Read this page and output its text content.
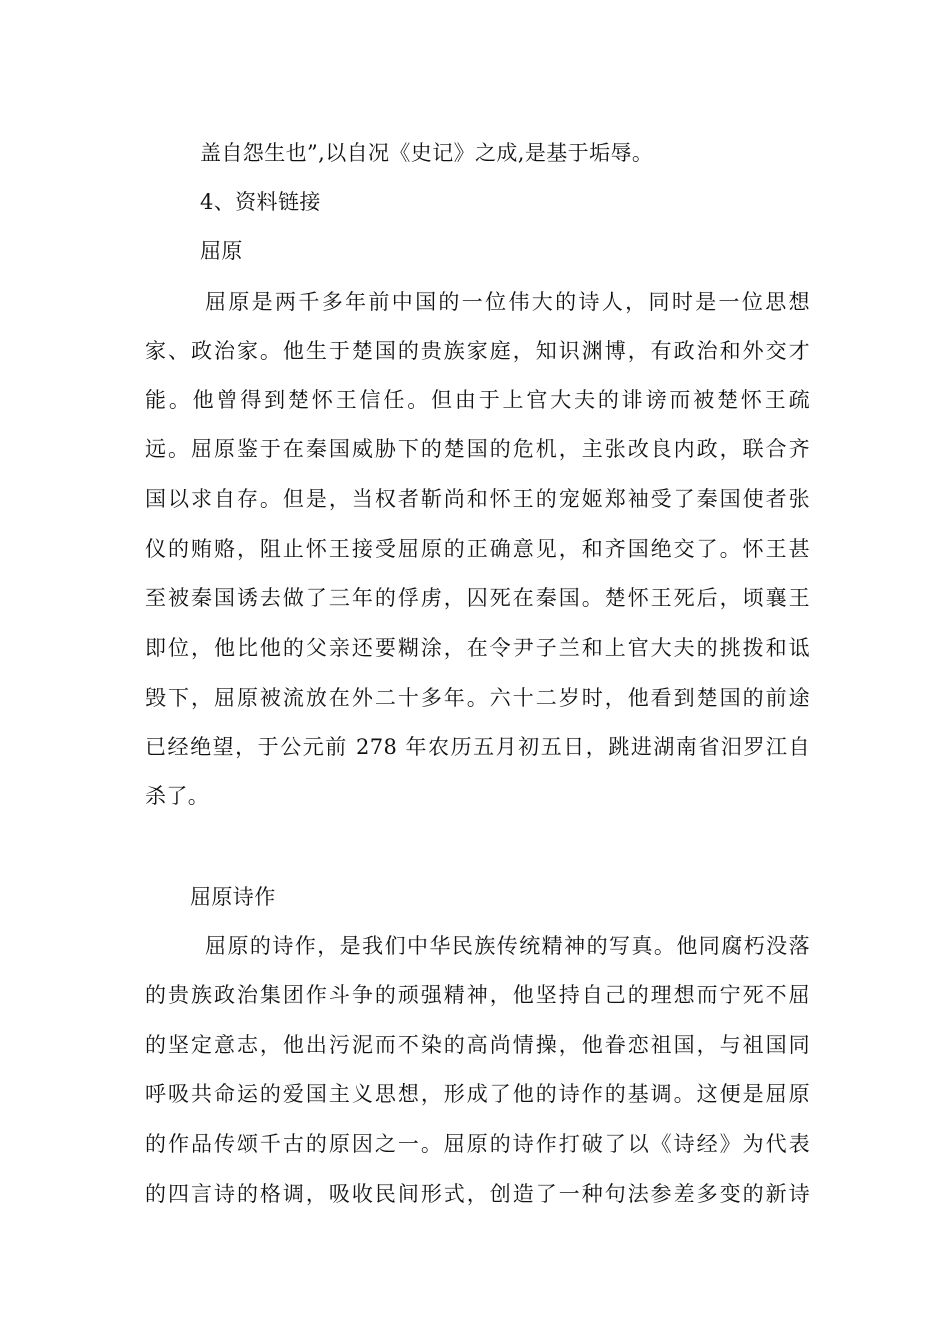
盖自怨生也”,以自况《史记》之成,是基于垢辱。
4、资料链接
屈原
屈原是两千多年前中国的一位伟大的诗人，同时是一位思想
家、政治家。他生于楚国的贵族家庭，知识渊博，有政治和外交才
能。他曾得到楚怀王信任。但由于上官大夫的诽谤而被楚怀王疏
远。屈原鉴于在秦国威胁下的楚国的危机，主张改良内政，联合齐
国以求自存。但是，当权者靳尚和怀王的宠姬郑袖受了秦国使者张
仪的贿赂，阻止怀王接受屈原的正确意见，和齐国绝交了。怀王甚
至被秦国诱去做了三年的俘虏，囚死在秦国。楚怀王死后，顷襄王
即位，他比他的父亲还要糊涂，在令尹子兰和上官大夫的挑拨和诋
毁下，屈原被流放在外二十多年。六十二岁时，他看到楚国的前途
已经绝望，于公元前 278 年农历五月初五日，跳进湖南省汨罗江自
杀了。
屈原诗作
屈原的诗作，是我们中华民族传统精神的写真。他同腐朽没落
的贵族政治集团作斗争的顽强精神，他坚持自己的理想而宁死不屈
的坚定意志，他出污泥而不染的高尚情操，他眷恋祖国，与祖国同
呼吸共命运的爱国主义思想，形成了他的诗作的基调。这便是屈原
的作品传颂千古的原因之一。屈原的诗作打破了以《诗经》为代表
的四言诗的格调，吸收民间形式，创造了一种句法参差多变的新诗
